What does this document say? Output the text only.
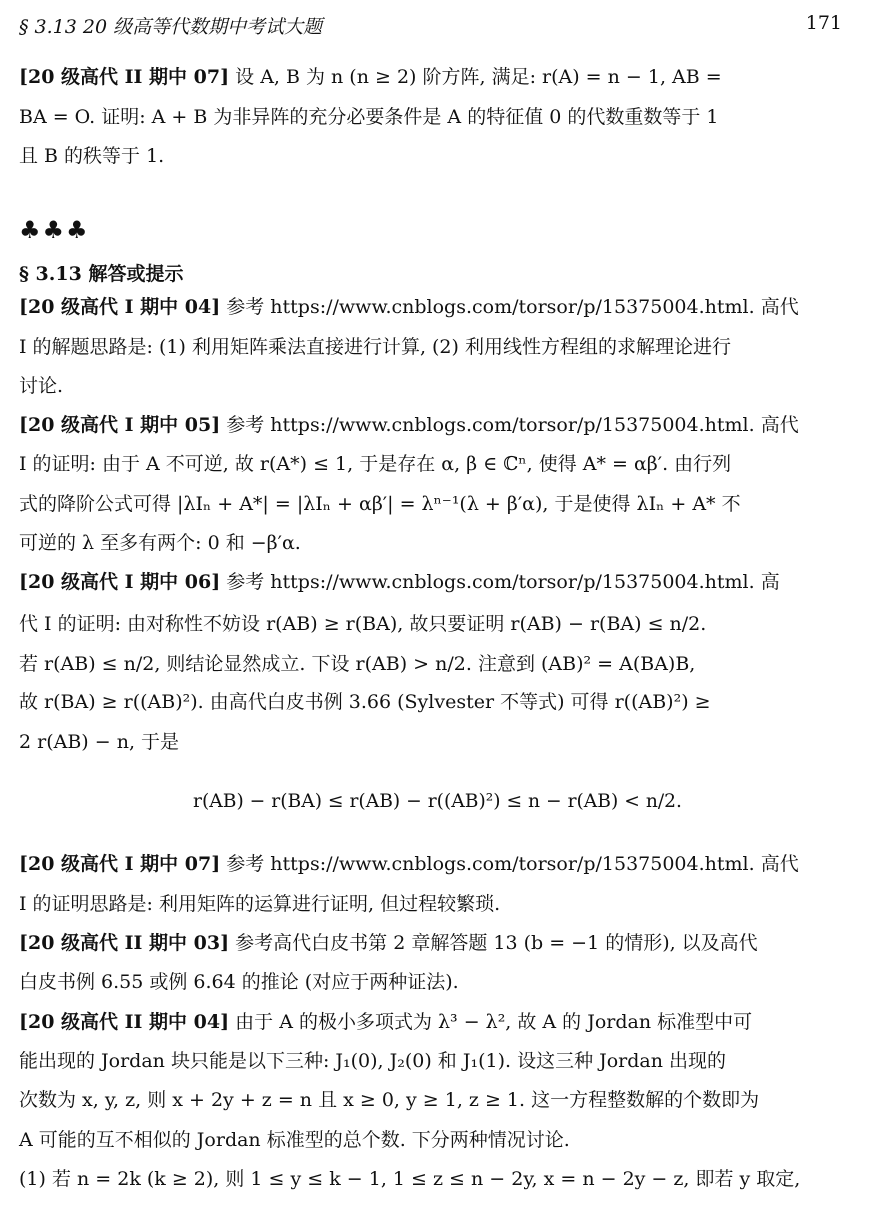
§ 3.13 20 级高等代数期中考试大题	171
[20 级高代 II 期中 07] 设 A, B 为 n (n ≥ 2) 阶方阵, 满足: r(A) = n − 1, AB =
BA = O. 证明: A + B 为非异阵的充分必要条件是 A 的特征值 0 的代数重数等于 1
且 B 的秩等于 1.
♣♣♣
§ 3.13 解答或提示
[20 级高代 I 期中 04] 参考 https://www.cnblogs.com/torsor/p/15375004.html. 高代
I 的解题思路是: (1) 利用矩阵乘法直接进行计算, (2) 利用线性方程组的求解理论进行
讨论.
[20 级高代 I 期中 05] 参考 https://www.cnblogs.com/torsor/p/15375004.html. 高代
I 的证明: 由于 A 不可逆, 故 r(A*) ≤ 1, 于是存在 α, β ∈ ℂⁿ, 使得 A* = αβ′. 由行列
式的降阶公式可得 |λIₙ + A*| = |λIₙ + αβ′| = λⁿ⁻¹(λ + β′α), 于是使得 λIₙ + A* 不
可逆的 λ 至多有两个: 0 和 −β′α.
[20 级高代 I 期中 06] 参考 https://www.cnblogs.com/torsor/p/15375004.html. 高
代 I 的证明: 由对称性不妨设 r(AB) ≥ r(BA), 故只要证明 r(AB) − r(BA) ≤ n/2.
若 r(AB) ≤ n/2, 则结论显然成立. 下设 r(AB) > n/2. 注意到 (AB)² = A(BA)B,
故 r(BA) ≥ r((AB)²). 由高代白皮书例 3.66 (Sylvester 不等式) 可得 r((AB)²) ≥
2 r(AB) − n, 于是
r(AB) − r(BA) ≤ r(AB) − r((AB)²) ≤ n − r(AB) < n/2.
[20 级高代 I 期中 07] 参考 https://www.cnblogs.com/torsor/p/15375004.html. 高代
I 的证明思路是: 利用矩阵的运算进行证明, 但过程较繁琐.
[20 级高代 II 期中 03] 参考高代白皮书第 2 章解答题 13 (b = −1 的情形), 以及高代
白皮书例 6.55 或例 6.64 的推论 (对应于两种证法).
[20 级高代 II 期中 04] 由于 A 的极小多项式为 λ³ − λ², 故 A 的 Jordan 标准型中可
能出现的 Jordan 块只能是以下三种: J₁(0), J₂(0) 和 J₁(1). 设这三种 Jordan 出现的
次数为 x, y, z, 则 x + 2y + z = n 且 x ≥ 0, y ≥ 1, z ≥ 1. 这一方程整数解的个数即为
A 可能的互不相似的 Jordan 标准型的总个数. 下分两种情况讨论.
(1) 若 n = 2k (k ≥ 2), 则 1 ≤ y ≤ k − 1, 1 ≤ z ≤ n − 2y, x = n − 2y − z, 即若 y 取定,
